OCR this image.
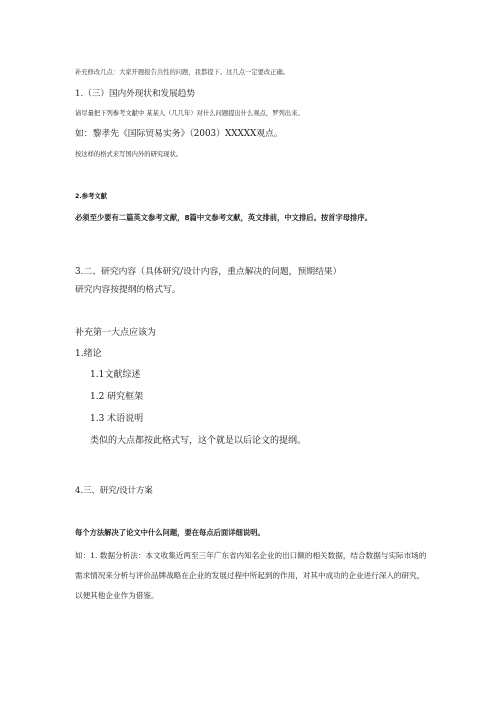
补充修改几点：大家开题报告共性的问题，我都提下。这几点一定要改正确。
1.（三）国内外现状和发展趋势
请尽量把下列参考文献中 某某人（几几年）对什么问题提出什么观点，罗列出来。
如：黎孝先《国际贸易实务》（2003）XXXXX观点。
按这样的格式来写国内外的研究现状。
2.参考文献
必须至少要有二篇英文参考文献，8篇中文参考文献，英文排前，中文排后。按首字母排序。
3.二、研究内容（具体研究/设计内容，重点解决的问题，预期结果）
研究内容按提纲的格式写。
补充第一大点应该为
1.绪论
1.1文献综述
1.2 研究框架
1.3 术语说明
类似的大点都按此格式写，这个就是以后论文的提纲。
4.三、研究/设计方案
每个方法解决了论文中什么问题，要在每点后面详细说明。
如：1. 数据分析法：本文收集近两至三年广东省内知名企业的出口额的相关数据，结合数据与实际市场的需求情况来分析与评价品牌战略在企业的发展过程中所起到的作用，对其中成功的企业进行深入的研究，以便其他企业作为借鉴。
